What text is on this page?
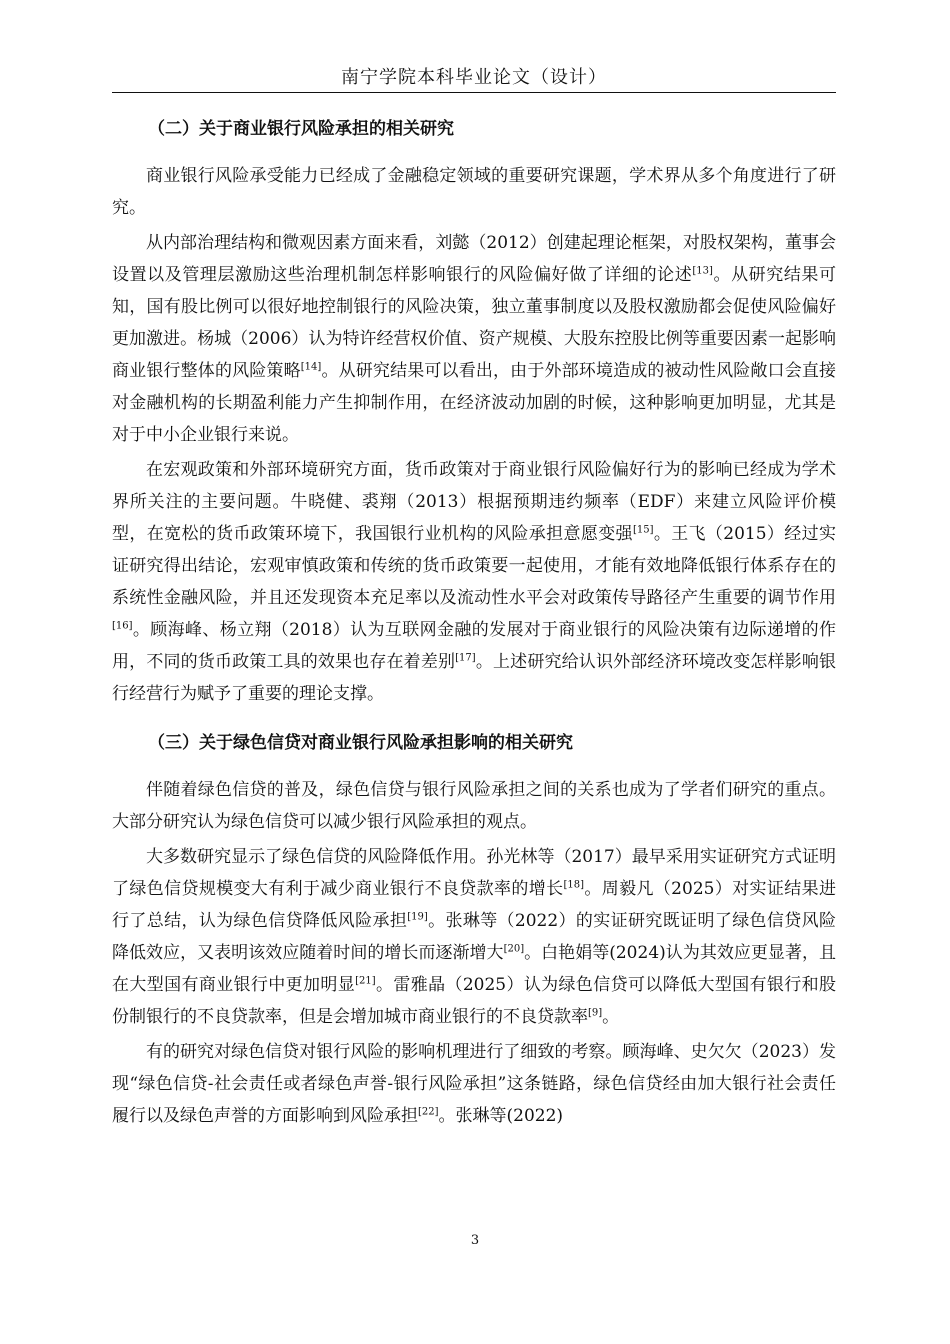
南宁学院本科毕业论文（设计）
（二）关于商业银行风险承担的相关研究

商业银行风险承受能力已经成了金融稳定领域的重要研究课题，学术界从多个角度进行了研究。

从内部治理结构和微观因素方面来看，刘懿（2012）创建起理论框架，对股权架构，董事会设置以及管理层激励这些治理机制怎样影响银行的风险偏好做了详细的论述[13]。从研究结果可知，国有股比例可以很好地控制银行的风险决策，独立董事制度以及股权激励都会促使风险偏好更加激进。杨城（2006）认为特许经营权价值、资产规模、大股东控股比例等重要因素一起影响商业银行整体的风险策略[14]。从研究结果可以看出，由于外部环境造成的被动性风险敞口会直接对金融机构的长期盈利能力产生抑制作用，在经济波动加剧的时候，这种影响更加明显，尤其是对于中小企业银行来说。

在宏观政策和外部环境研究方面，货币政策对于商业银行风险偏好行为的影响已经成为学术界所关注的主要问题。牛晓健、裘翔（2013）根据预期违约频率（EDF）来建立风险评价模型，在宽松的货币政策环境下，我国银行业机构的风险承担意愿变强[15]。王飞（2015）经过实证研究得出结论，宏观审慎政策和传统的货币政策要一起使用，才能有效地降低银行体系存在的系统性金融风险，并且还发现资本充足率以及流动性水平会对政策传导路径产生重要的调节作用[16]。顾海峰、杨立翔（2018）认为互联网金融的发展对于商业银行的风险决策有边际递增的作用，不同的货币政策工具的效果也存在着差别[17]。上述研究给认识外部经济环境改变怎样影响银行经营行为赋予了重要的理论支撑。

（三）关于绿色信贷对商业银行风险承担影响的相关研究

伴随着绿色信贷的普及，绿色信贷与银行风险承担之间的关系也成为了学者们研究的重点。大部分研究认为绿色信贷可以减少银行风险承担的观点。

大多数研究显示了绿色信贷的风险降低作用。孙光林等（2017）最早采用实证研究方式证明了绿色信贷规模变大有利于减少商业银行不良贷款率的增长[18]。周毅凡（2025）对实证结果进行了总结，认为绿色信贷降低风险承担[19]。张琳等（2022）的实证研究既证明了绿色信贷风险降低效应，又表明该效应随着时间的增长而逐渐增大[20]。白艳娟等(2024)认为其效应更显著，且在大型国有商业银行中更加明显[21]。雷雅晶（2025）认为绿色信贷可以降低大型国有银行和股份制银行的不良贷款率，但是会增加城市商业银行的不良贷款率[9]。

有的研究对绿色信贷对银行风险的影响机理进行了细致的考察。顾海峰、史欠欠（2023）发现“绿色信贷-社会责任或者绿色声誉-银行风险承担”这条链路，绿色信贷经由加大银行社会责任履行以及绿色声誉的方面影响到风险承担[22]。张琳等(2022)

3
